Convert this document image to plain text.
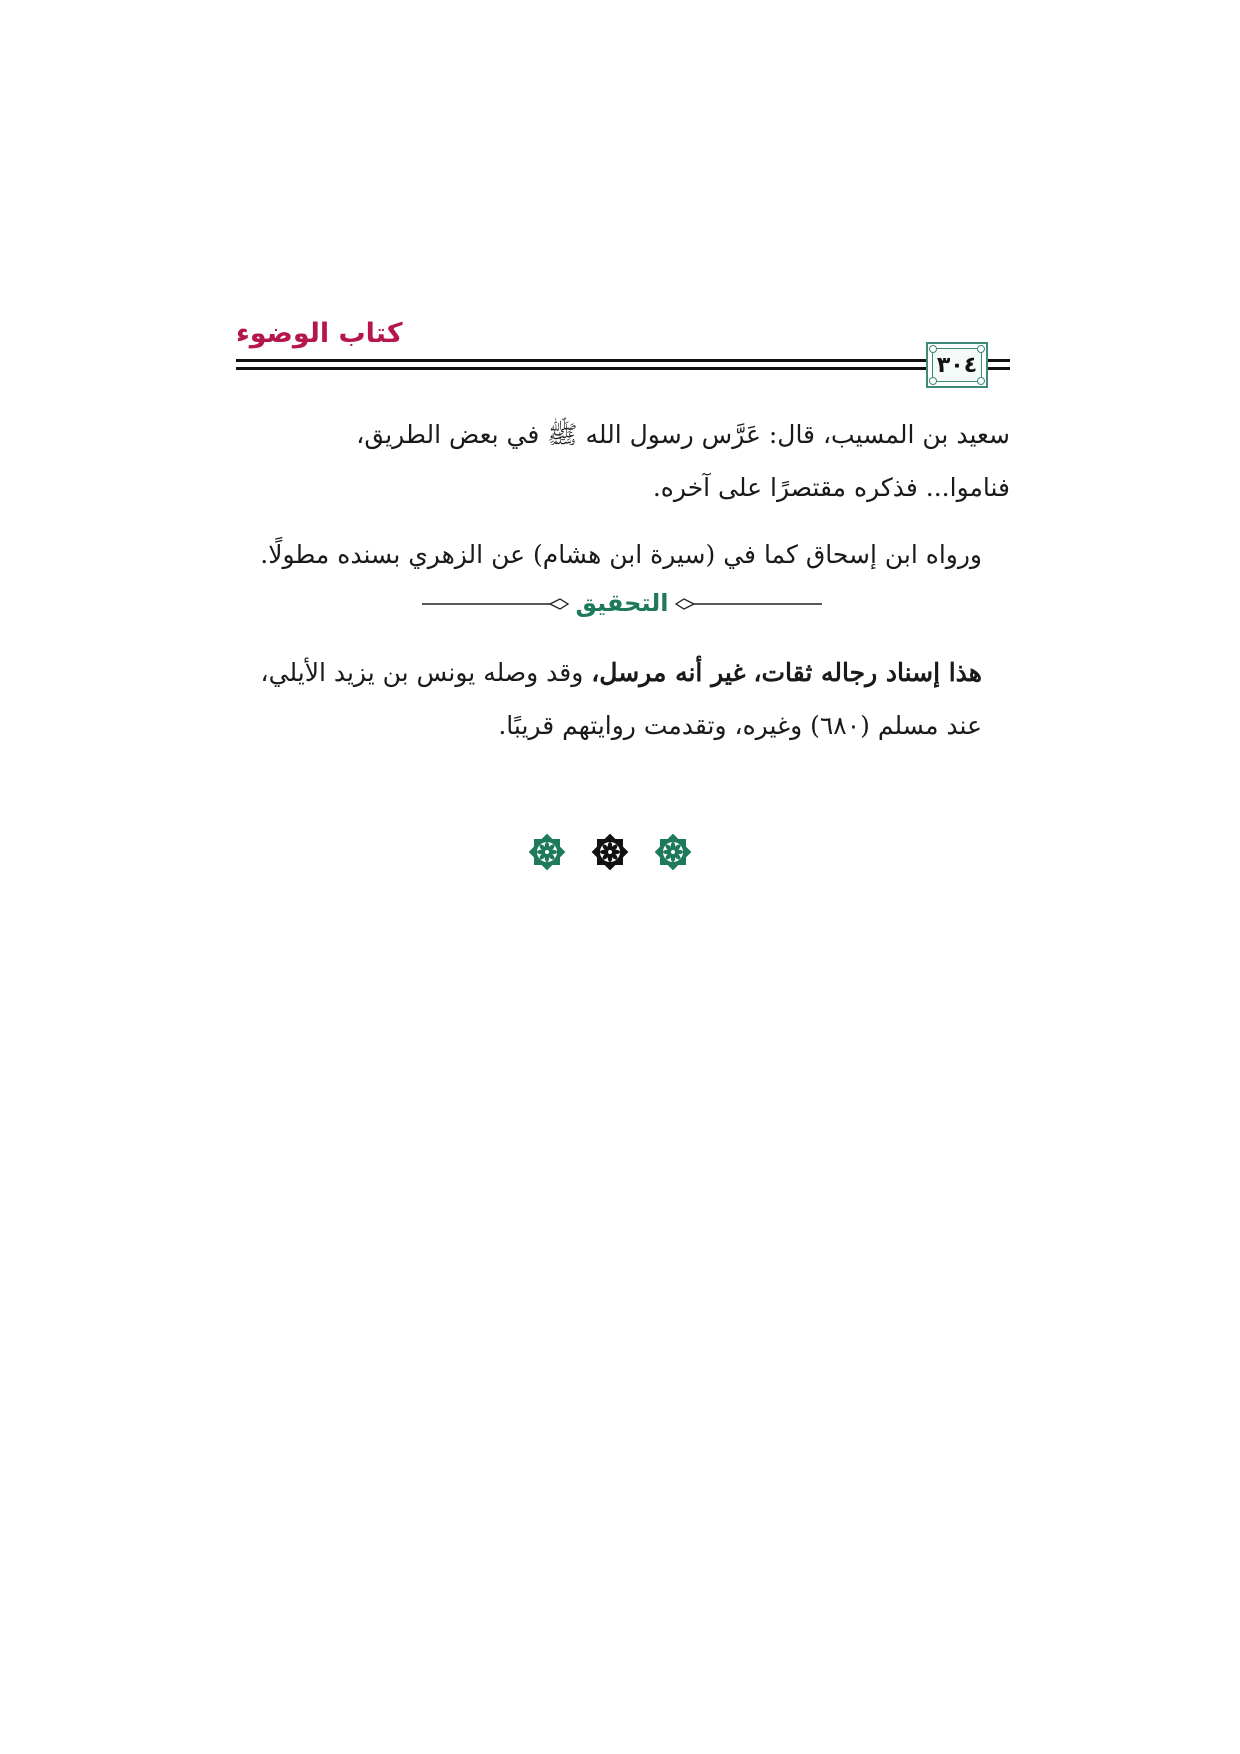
كتاب الوضوء
٣٠٤
سعيد بن المسيب، قال: عَرَّس رسول الله ﷺ في بعض الطريق،
فناموا... فذكره مقتصرًا على آخره.
ورواه ابن إسحاق كما في (سيرة ابن هشام) عن الزهري بسنده مطولًا.
التحقيق
هذا إسناد رجاله ثقات، غير أنه مرسل، وقد وصله يونس بن يزيد الأيلي،
عند مسلم (٦٨٠) وغيره، وتقدمت روايتهم قريبًا.
